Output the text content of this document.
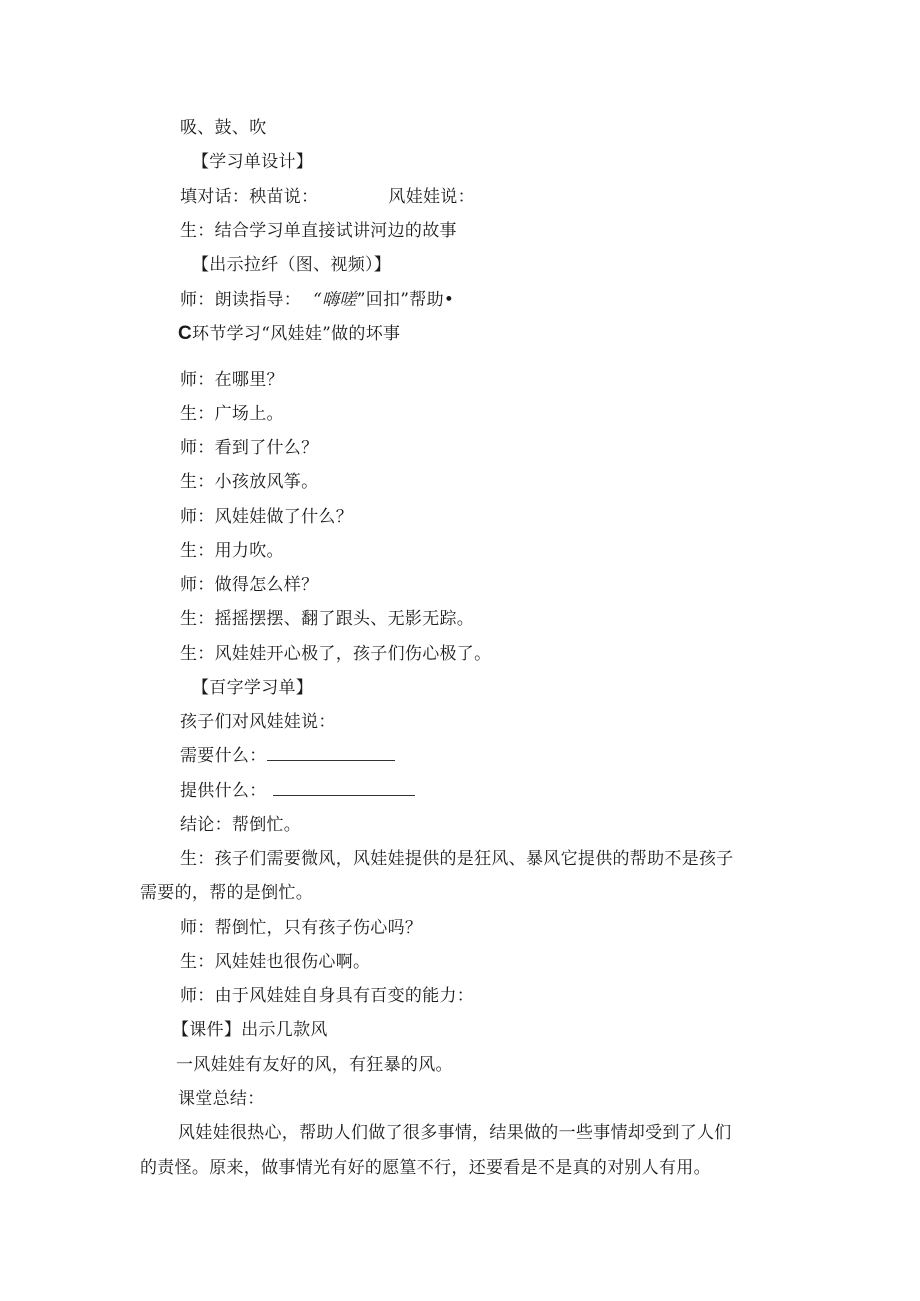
吸、鼓、吹
【学习单设计】
填对话：秧苗说：	风娃娃说：
生：结合学习单直接试讲河边的故事
【出示拉纤（图、视频）】
师：朗读指导： “嗨嗟”回扣”帮助•
C环节学习“风娃娃”做的坏事
师：在哪里？
生：广场上。
师：看到了什么？
生：小孩放风筝。
师：风娃娃做了什么？
生：用力吹。
师：做得怎么样？
生：摇摇摆摆、翻了跟头、无影无踪。
生：风娃娃开心极了，孩子们伤心极了。
【百字学习单】
孩子们对风娃娃说：
需要什么：
提供什么：
结论：帮倒忙。
生：孩子们需要微风，风娃娃提供的是狂风、暴风它提供的帮助不是孩子
需要的，帮的是倒忙。
师：帮倒忙，只有孩子伤心吗？
生：风娃娃也很伤心啊。
师：由于风娃娃自身具有百变的能力：
【课件】出示几款风
一风娃娃有友好的风，有狂暴的风。
课堂总结：
风娃娃很热心，帮助人们做了很多事情，结果做的一些事情却受到了人们
的责怪。原来，做事情光有好的愿篁不行，还要看是不是真的对别人有用。
